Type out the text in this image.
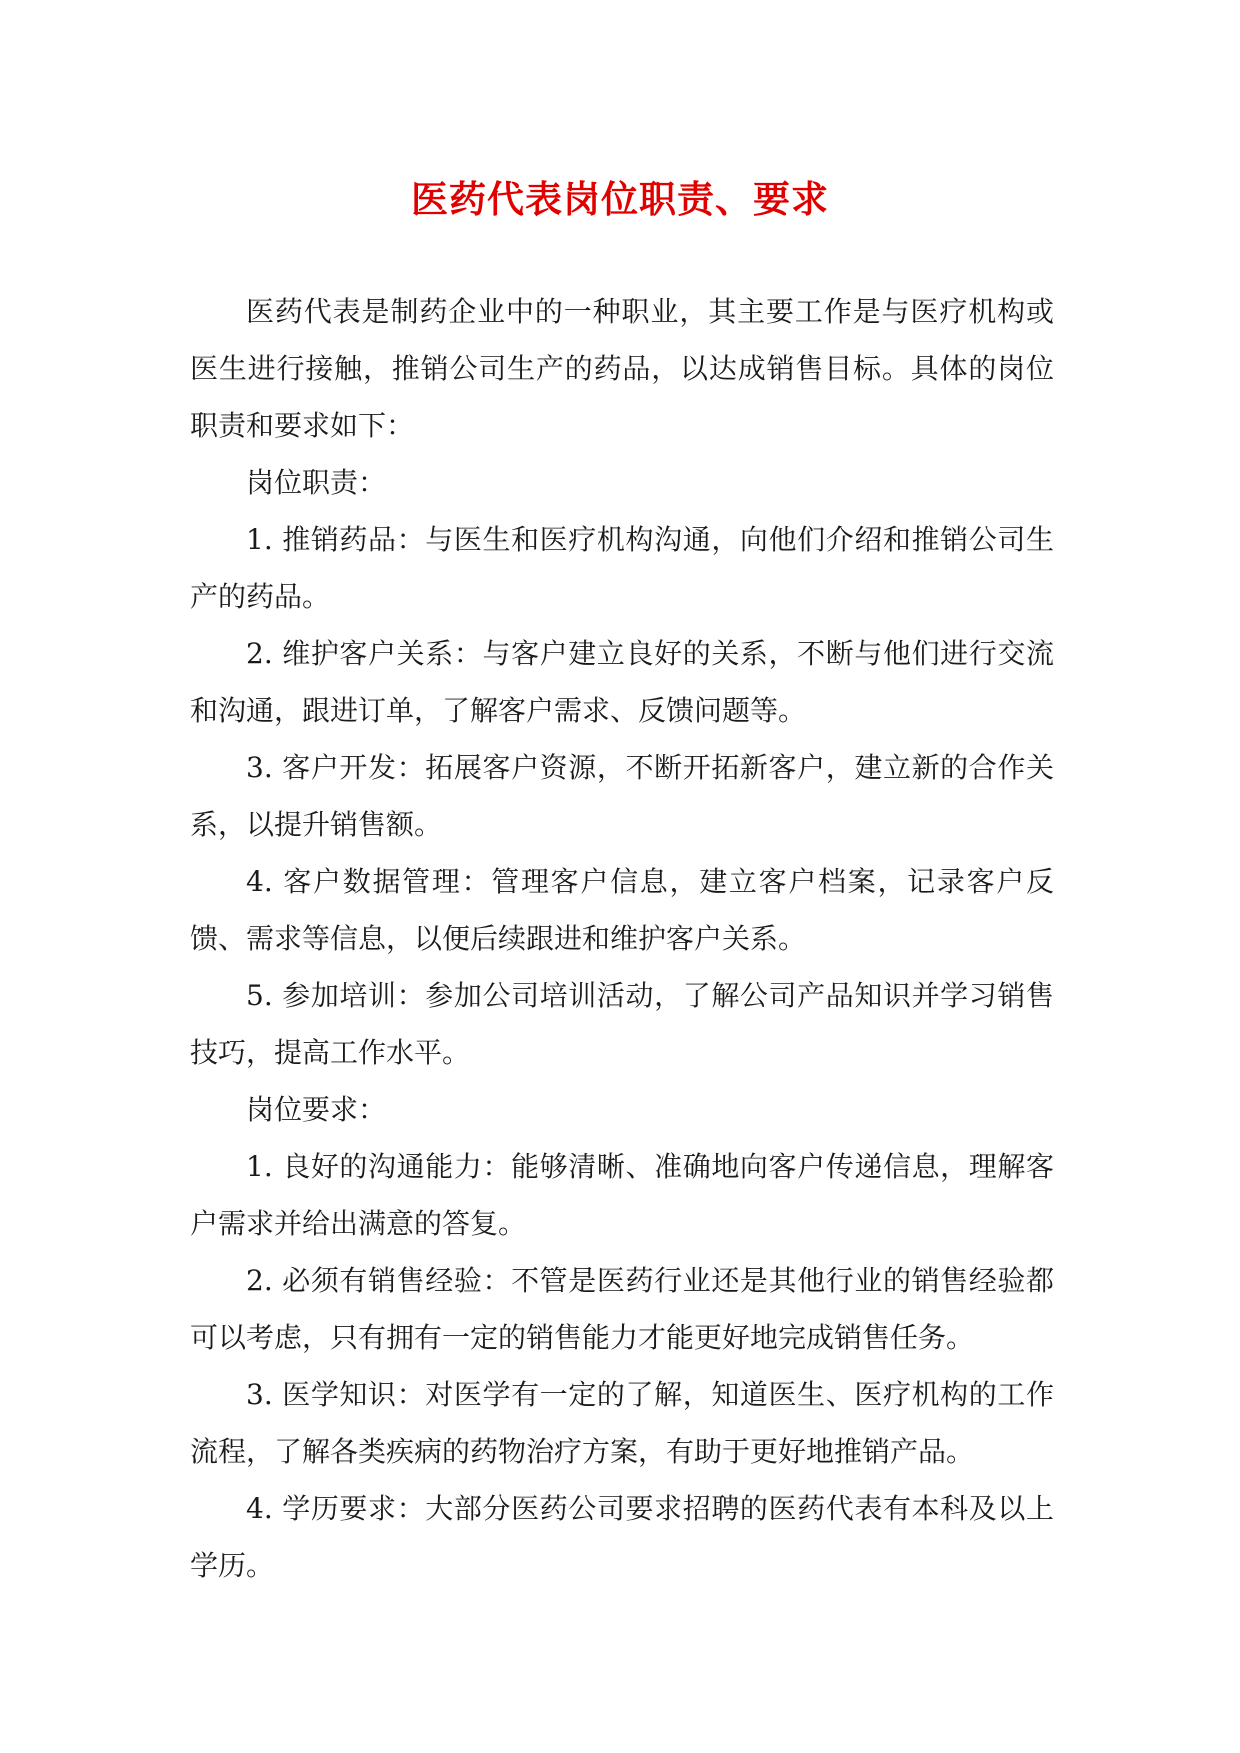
医药代表岗位职责、要求

医药代表是制药企业中的一种职业，其主要工作是与医疗机构或医生进行接触，推销公司生产的药品，以达成销售目标。具体的岗位职责和要求如下：

岗位职责：

1. 推销药品：与医生和医疗机构沟通，向他们介绍和推销公司生产的药品。

2. 维护客户关系：与客户建立良好的关系，不断与他们进行交流和沟通，跟进订单，了解客户需求、反馈问题等。

3. 客户开发：拓展客户资源，不断开拓新客户，建立新的合作关系，以提升销售额。

4. 客户数据管理：管理客户信息，建立客户档案，记录客户反馈、需求等信息，以便后续跟进和维护客户关系。

5. 参加培训：参加公司培训活动，了解公司产品知识并学习销售技巧，提高工作水平。

岗位要求：

1. 良好的沟通能力：能够清晰、准确地向客户传递信息，理解客户需求并给出满意的答复。

2. 必须有销售经验：不管是医药行业还是其他行业的销售经验都可以考虑，只有拥有一定的销售能力才能更好地完成销售任务。

3. 医学知识：对医学有一定的了解，知道医生、医疗机构的工作流程，了解各类疾病的药物治疗方案，有助于更好地推销产品。

4. 学历要求：大部分医药公司要求招聘的医药代表有本科及以上学历。
